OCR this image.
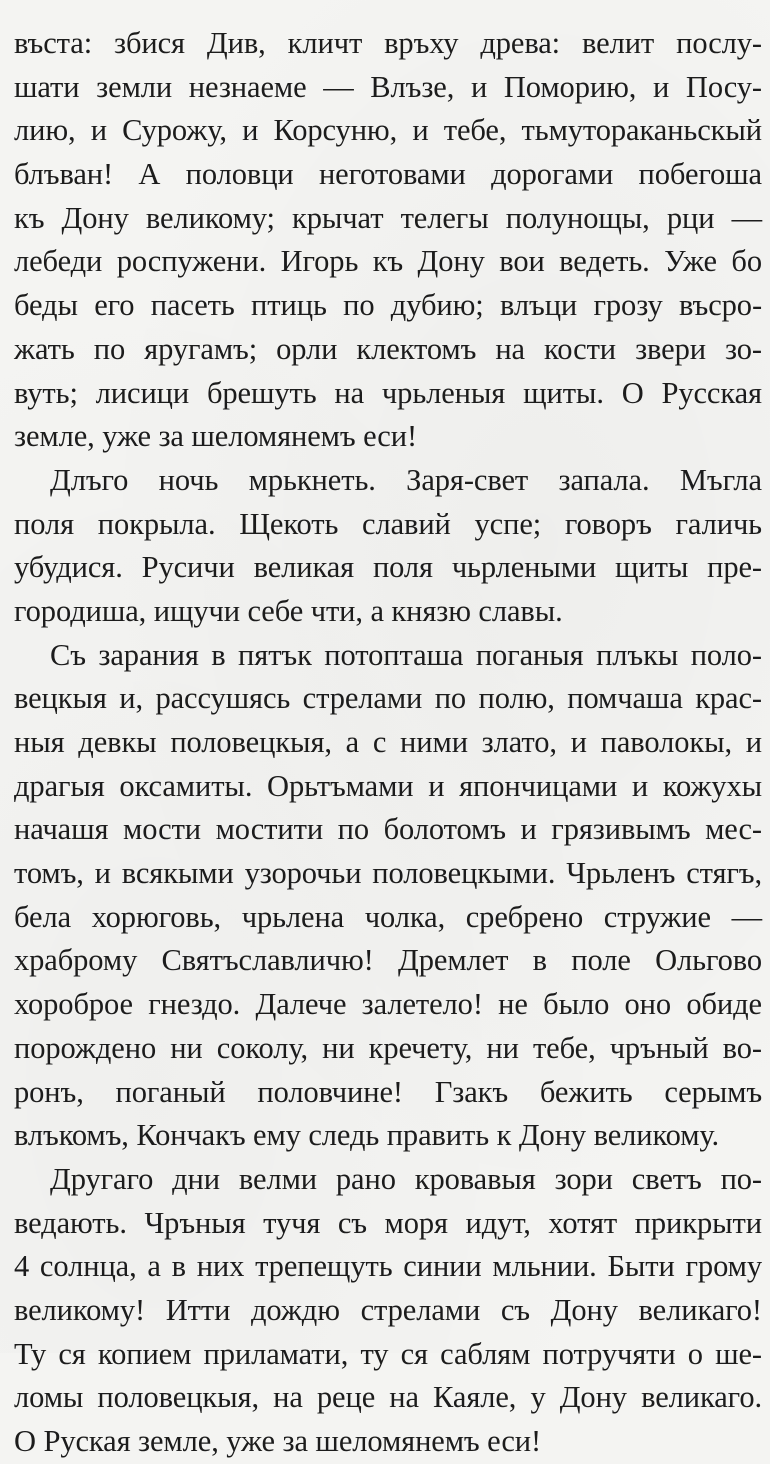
въста: збися Див, кличт връху древа: велит послу-
шати земли незнаеме — Влъзе, и Поморию, и Посу-
лию, и Сурожу, и Корсуню, и тебе, тьмутораканьскый
блъван! А половци неготовами дорогами побегоша
къ Дону великому; крычат телегы полунощы, рци —
лебеди роспужени. Игорь къ Дону вои ведеть. Уже бо
беды его пасеть птиць по дубию; влъци грозу въсро-
жать по яругамъ; орли клектомъ на кости звери зо-
вуть; лисици брешуть на чрьленыя щиты. О Русская
земле, уже за шеломянемъ еси!
Длъго ночь мрькнеть. Заря-свет запала. Мъгла
поля покрыла. Щекоть славий успе; говоръ галичь
убудися. Русичи великая поля чьрлеными щиты пре-
городиша, ищучи себе чти, а князю славы.
Съ зарания в пятък потопташа поганыя плъкы поло-
вецкыя и, рассушясь стрелами по полю, помчаша крас-
ныя девкы половецкыя, а с ними злато, и паволокы, и
драгыя оксамиты. Орьтъмами и япончицами и кожухы
начашя мости мостити по болотомъ и грязивымъ мес-
томъ, и всякыми узорочьи половецкыми. Чрьленъ стягъ,
бела хорюговь, чрьлена чолка, сребрено стружие —
храброму Святъславличю! Дремлет в поле Ольгово
хороброе гнездо. Далече залетело! не было оно обиде
порождено ни соколу, ни кречету, ни тебе, чръный во-
ронъ, поганый половчине! Гзакъ бежить серымъ
влъкомъ, Кончакъ ему следь править к Дону великому.
Другаго дни велми рано кровавыя зори светъ по-
ведають. Чръныя тучя съ моря идут, хотят прикрыти
4 солнца, а в них трепещуть синии мльнии. Быти грому
великому! Итти дождю стрелами съ Дону великаго!
Ту ся копием приламати, ту ся саблям потручяти о ше-
ломы половецкыя, на реце на Каяле, у Дону великаго.
О Руская земле, уже за шеломянемъ еси!
